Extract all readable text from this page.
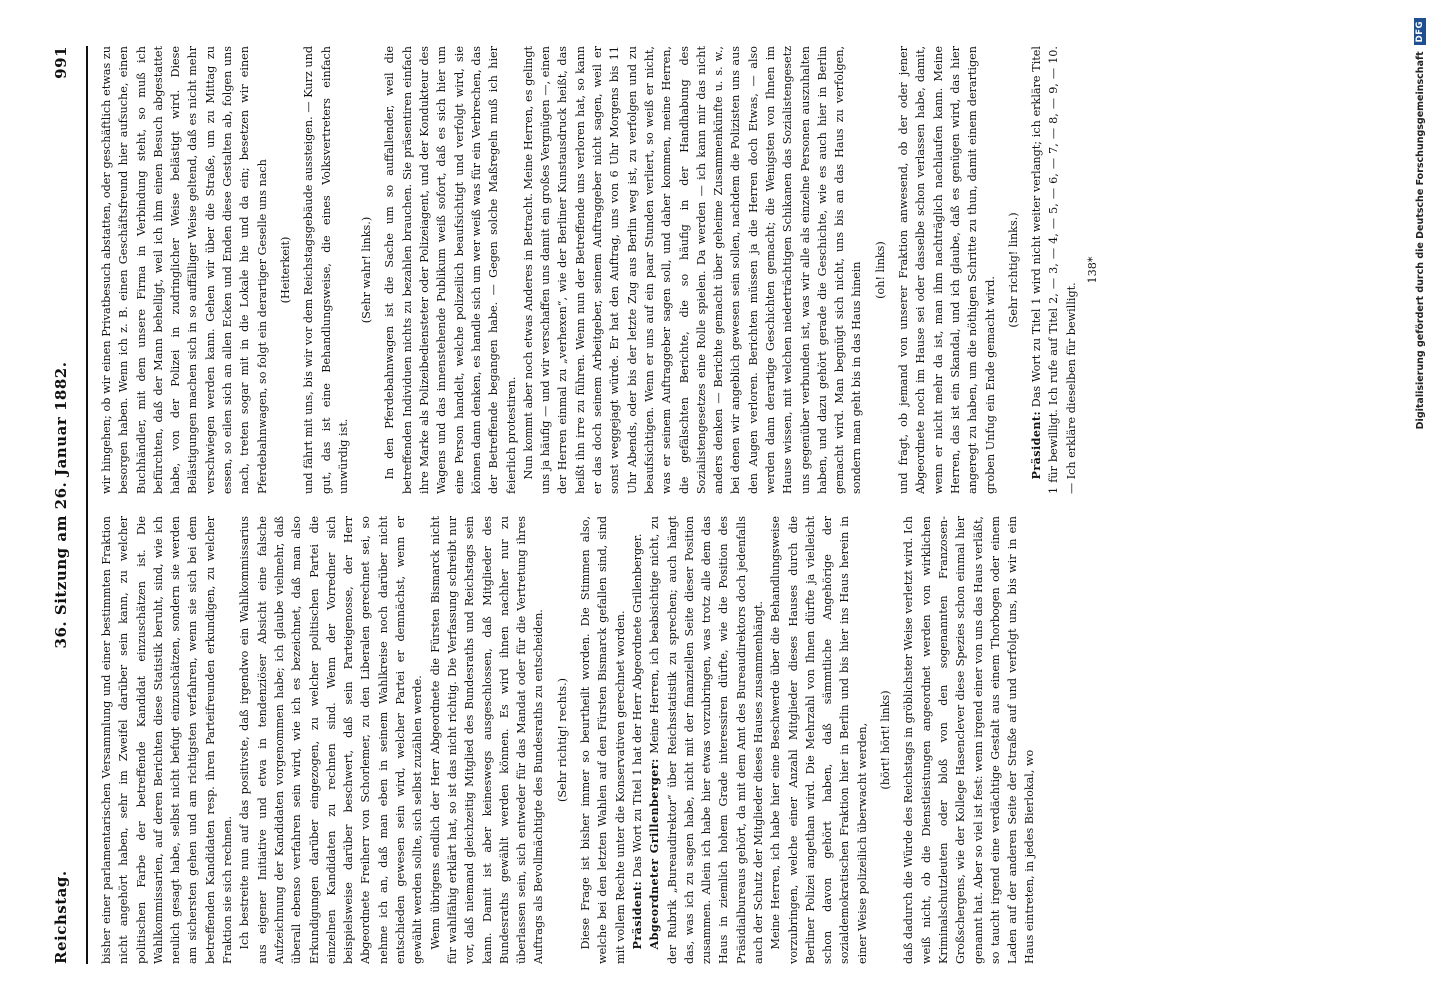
Reichstag.
36. Sitzung am 26. Januar 1882.
991

bisher einer parlamentarischen Versammlung und einer bestimmten Fraktion nicht angehört haben, sehr im Zweifel darüber sein kann, zu welcher politischen Farbe der betreffende Kandidat einzuschätzen ist. Die Wahlkommissarien, auf deren Berichten diese Statistik beruht, sind, wie ich neulich gesagt habe, selbst nicht befugt einzuschätzen, sondern sie werden am sichersten gehen und am richtigsten verfahren, wenn sie sich bei dem betreffenden Kandidaten resp. ihren Parteifreunden erkundigen, zu welcher Fraktion sie sich rechnen. Ich bestreite nun auf das positivste, daß irgendwo ein Wahlkommissarius aus eigener Initiative und etwa in tendenziöser Absicht eine falsche Aufzeichnung der Kandidaten vorgenommen habe; ich glaube vielmehr, daß überall ebenso verfahren sein wird, wie ich es bezeichnet, daß man also Erkundigungen darüber eingezogen, zu welcher politischen Partei die einzelnen Kandidaten zu rechnen sind. Wenn der Vorredner sich beispielsweise darüber beschwert, daß sein Parteigenosse, der Herr Abgeordnete Freiherr von Schorlemer, zu den Liberalen gerechnet sei, so nehme ich an, daß man eben in seinem Wahlkreise noch darüber nicht entschieden gewesen sein wird, welcher Partei er demnächst, wenn er gewählt werden sollte, sich selbst zuzählen werde. Wenn übrigens endlich der Herr Abgeordnete die Fürsten Bismarck nicht für wahlfähig erklärt hat, so ist das nicht richtig. Die Verfassung schreibt nur vor, daß niemand gleichzeitig Mitglied des Bundesraths und Reichstags sein kann. Damit ist aber keineswegs ausgeschlossen, daß Mitglieder des Bundesraths gewählt werden können. Es wird ihnen nachher nur zu überlassen sein, sich entweder für das Mandat oder für die Vertretung ihres Auftrags als Bevollmächtigte des Bundesraths zu entscheiden. (Sehr richtig! rechts.) Diese Frage ist bisher immer so beurtheilt worden. Die Stimmen also, welche bei den letzten Wahlen auf den Fürsten Bismarck gefallen sind, sind mit vollem Rechte unter die Konservativen gerechnet worden. Präsident: Das Wort zu Titel 1 hat der Herr Abgeordnete Grillenberger. Abgeordneter Grillenberger: Meine Herren, ich beabsichtige nicht, zu der Rubrik „Bureaudirektor“ über Reichsstatistik zu sprechen; auch hängt das, was ich zu sagen habe, nicht mit der finanziellen Seite dieser Position zusammen. Allein ich habe hier etwas vorzubringen, was trotz alle dem das Haus in ziemlich hohem Grade interessiren dürfte, wie die Position des Präsidialbureaus gehört, da mit dem Amt des Bureaudirektors doch jedenfalls auch der Schutz der Mitglieder dieses Hauses zusammenhängt. Meine Herren, ich habe hier eine Beschwerde über die Behandlungsweise vorzubringen, welche einer Anzahl Mitglieder dieses Hauses durch die Berliner Polizei angethan wird. Die Mehrzahl von Ihnen dürfte ja vielleicht schon davon gehört haben, daß sämmtliche Angehörige der sozialdemokratischen Fraktion hier in Berlin und bis hier ins Haus herein in einer Weise polizeilich überwacht werden, (hört! hört! links) daß dadurch die Würde des Reichstags in gröblichster Weise verletzt wird. Ich weiß nicht, ob die Dienstleistungen angeordnet werden von wirklichen Kriminalschutzleuten oder bloß von den sogenannten Franzosen-Großschergens, wie der Kollege Hasenclever diese Spezies schon einmal hier genannt hat. Aber so viel ist fest: wenn irgend einer von uns das Haus verläßt, so taucht irgend eine verdächtige Gestalt aus einem Thorbogen oder einem Laden auf der anderen Seite der Straße auf und verfolgt uns, bis wir in ein Haus eintreten, in jedes Bierlokal, wo

wir hingehen; ob wir einen Privatbesuch abstatten, oder geschäftlich etwas zu besorgen haben. Wenn ich z. B. einen Geschäftsfreund hier aufsuche, einen Buchhändler, mit dem unsere Firma in Verbindung steht, so muß ich befürchten, daß der Mann behelligt, weil ich ihm einen Besuch abgestattet habe, von der Polizei in zudringlicher Weise belästigt wird. Diese Belästigungen machen sich in so auffälliger Weise geltend, daß es nicht mehr verschwiegen werden kann. Gehen wir über die Straße, um zu Mittag zu essen, so eilen sich an allen Ecken und Enden diese Gestalten ab, folgen uns nach, treten sogar mit in die Lokale hie und da ein; besetzen wir einen Pferdebahnwagen, so folgt ein derartiger Geselle uns nach (Heiterkeit) und fährt mit uns, bis wir vor dem Reichstagsgebäude aussteigen. — Kurz und gut, das ist eine Behandlungsweise, die eines Volksvertreters einfach unwürdig ist.

(Sehr wahr! links.) In den Pferdebahnwagen ist die Sache um so auffallender, weil die betreffenden Individuen nichts zu bezahlen brauchen. Sie präsentiren einfach ihre Marke als Polizeibediensteter oder Polizeiagent, und der Kondukteur des Wagens und das innenstehende Publikum weiß sofort, daß es sich hier um eine Person handelt, welche polizeilich beaufsichtigt und verfolgt wird, sie können dann denken, es handle sich um wer weiß was für ein Verbrechen, das der Betreffende begangen habe. — Gegen solche Maßregeln muß ich hier feierlich protestiren. Nun kommt aber noch etwas Anderes in Betracht. Meine Herren, es gelingt uns ja häufig — und wir verschaffen uns damit ein großes Vergnügen —, einen der Herren einmal zu „verhexen“, wie der Berliner Kunstausdruck heißt, das heißt ihn irre zu führen. Wenn nun der Betreffende uns verloren hat, so kann er das doch seinem Arbeitgeber, seinem Auftraggeber nicht sagen, weil er sonst weggejagt würde. Er hat den Auftrag, uns von 6 Uhr Morgens bis 11 Uhr Abends, oder bis der letzte Zug aus Berlin weg ist, zu verfolgen und zu beaufsichtigen. Wenn er uns auf ein paar Stunden verliert, so weiß er nicht, was er seinem Auftraggeber sagen soll, und daher kommen, meine Herren, die gefälschten Berichte, die so häufig in der Handhabung des Sozialistengesetzes eine Rolle spielen. Da werden — ich kann mir das nicht anders denken — Berichte gemacht über geheime Zusammenkünfte u. s. w., bei denen wir angeblich gewesen sein sollen, nachdem die Polizisten uns aus den Augen verloren. Berichten müssen ja die Herren doch Etwas, — also werden dann derartige Geschichten gemacht; die Wenigsten von Ihnen im Hause wissen, mit welchen niederträchtigen Schikanen das Sozialistengesetz uns gegenüber verbunden ist, was wir alle als einzelne Personen auszuhalten haben, und dazu gehört gerade die Geschichte, wie es auch hier in Berlin gemacht wird. Man begnügt sich nicht, uns bis an das Haus zu verfolgen, sondern man geht bis in das Haus hinein (oh! links) und fragt, ob jemand von unserer Fraktion anwesend, ob der oder jener Abgeordnete noch im Hause sei oder dasselbe schon verlassen habe, damit, wenn er nicht mehr da ist, man ihm nachträglich nachlaufen kann. Meine Herren, das ist ein Skandal, und ich glaube, daß es genügen wird, das hier angeregt zu haben, um die nöthigen Schritte zu thun, damit einem derartigen groben Unfug ein Ende gemacht wird.

(Sehr richtig! links.)

Präsident: Das Wort zu Titel 1 wird nicht weiter verlangt; ich erkläre Titel 1 für bewilligt. Ich rufe auf Titel 2, — 3, — 4, — 5, — 6, — 7, — 8, — 9, — 10. — Ich erkläre dieselben für bewilligt.

138*	Digitalisierung gefördert durch die Deutsche Forschungsgemeinschaft
DFG
